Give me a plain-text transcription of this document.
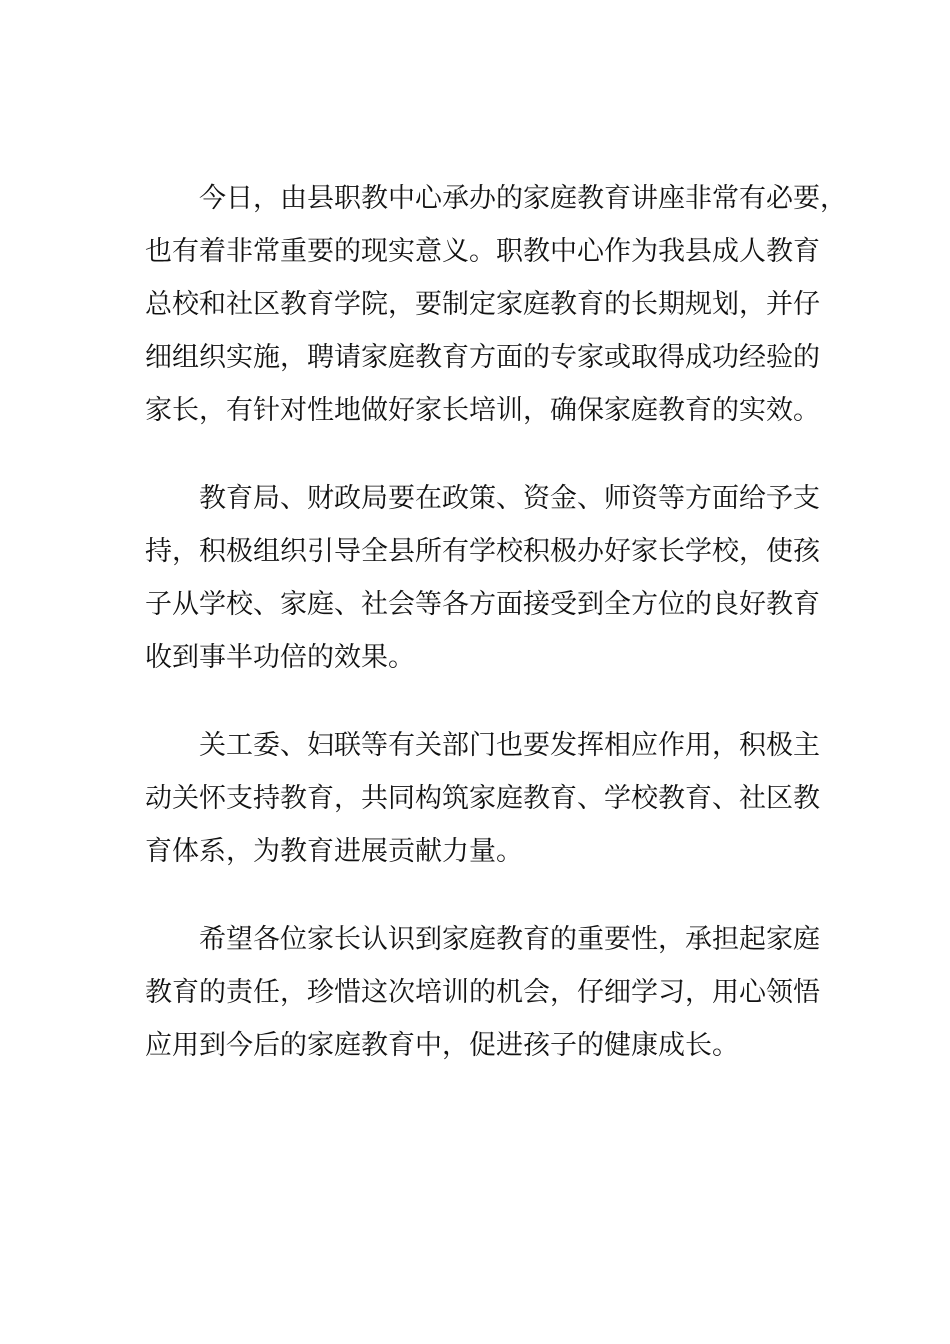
今日，由县职教中心承办的家庭教育讲座非常有必要，
也有着非常重要的现实意义。职教中心作为我县成人教育
总校和社区教育学院，要制定家庭教育的长期规划，并仔
细组织实施，聘请家庭教育方面的专家或取得成功经验的
家长，有针对性地做好家长培训，确保家庭教育的实效。

教育局、财政局要在政策、资金、师资等方面给予支
持，积极组织引导全县所有学校积极办好家长学校，使孩
子从学校、家庭、社会等各方面接受到全方位的良好教育
收到事半功倍的效果。

关工委、妇联等有关部门也要发挥相应作用，积极主
动关怀支持教育，共同构筑家庭教育、学校教育、社区教
育体系，为教育进展贡献力量。

希望各位家长认识到家庭教育的重要性，承担起家庭
教育的责任，珍惜这次培训的机会，仔细学习，用心领悟
应用到今后的家庭教育中，促进孩子的健康成长。
